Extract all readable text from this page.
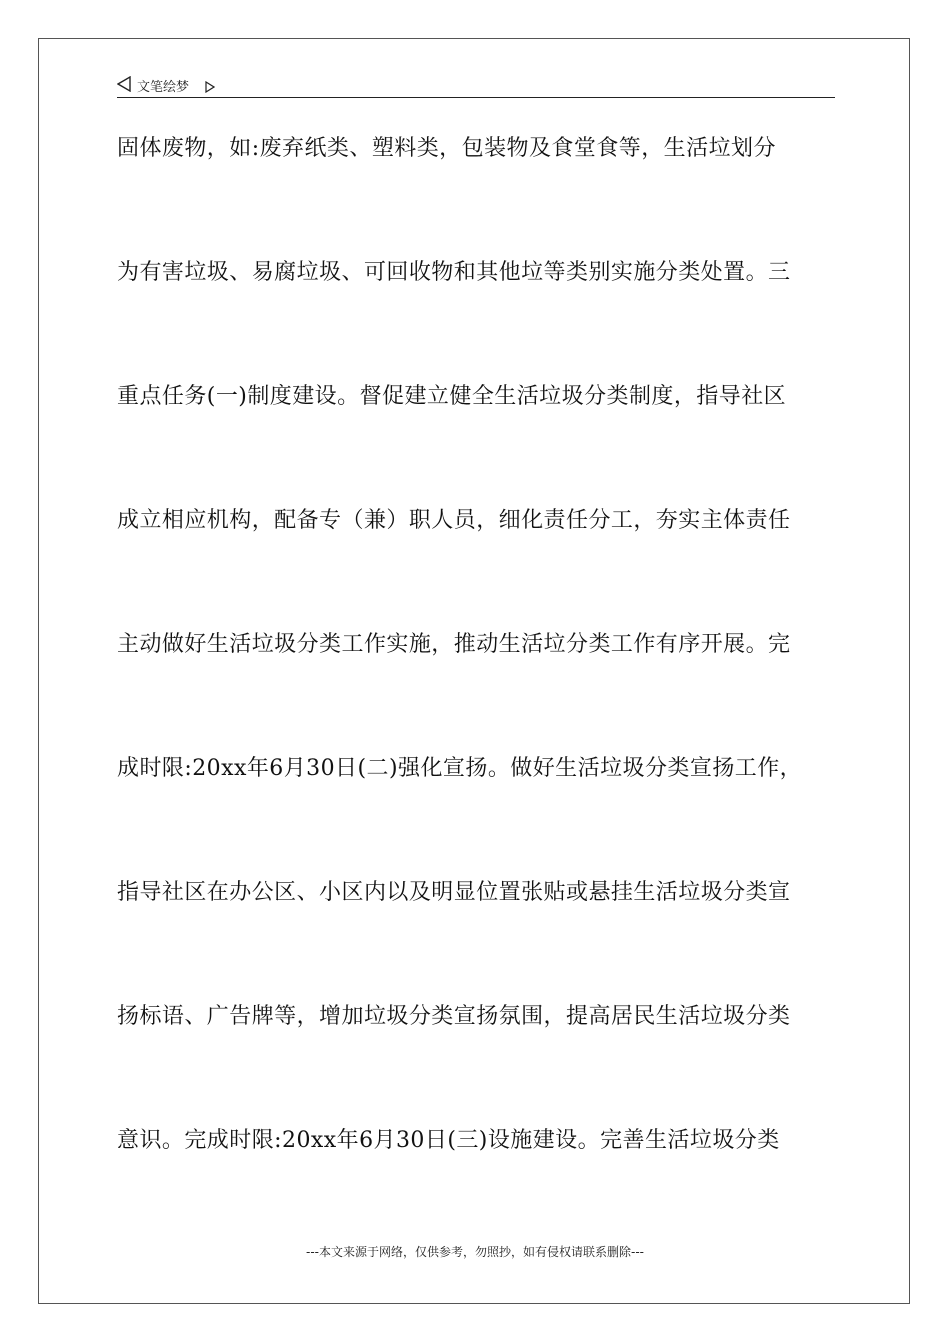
文笔绘梦
固体废物，如:废弃纸类、塑料类，包装物及食堂食等，生活垃划分
为有害垃圾、易腐垃圾、可回收物和其他垃等类别实施分类处置。三
重点任务(一)制度建设。督促建立健全生活垃圾分类制度，指导社区
成立相应机构，配备专（兼）职人员，细化责任分工，夯实主体责任
主动做好生活垃圾分类工作实施，推动生活垃分类工作有序开展。完
成时限:20xx年6月30日(二)强化宣扬。做好生活垃圾分类宣扬工作，
指导社区在办公区、小区内以及明显位置张贴或悬挂生活垃圾分类宣
扬标语、广告牌等，增加垃圾分类宣扬氛围，提高居民生活垃圾分类
意识。完成时限:20xx年6月30日(三)设施建设。完善生活垃圾分类
---本文来源于网络，仅供参考，勿照抄，如有侵权请联系删除---
